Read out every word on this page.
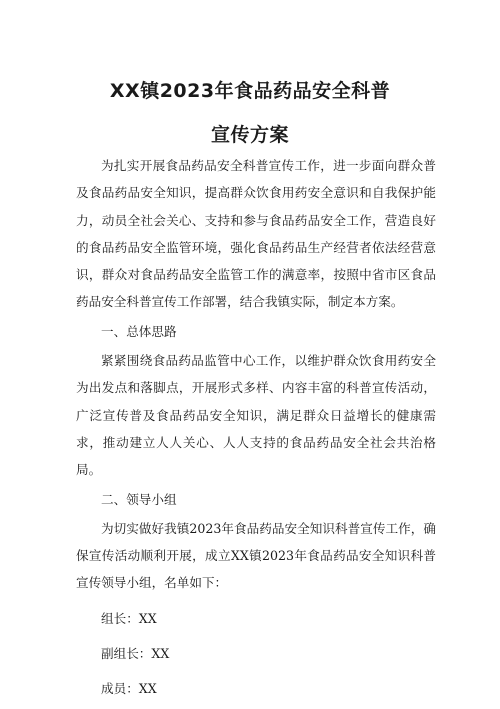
XX镇2023年食品药品安全科普
宣传方案

为扎实开展食品药品安全科普宣传工作，进一步面向群众普及食品药品安全知识，提高群众饮食用药安全意识和自我保护能力，动员全社会关心、支持和参与食品药品安全工作，营造良好的食品药品安全监管环境，强化食品药品生产经营者依法经营意识，群众对食品药品安全监管工作的满意率，按照中省市区食品药品安全科普宣传工作部署，结合我镇实际，制定本方案。

一、总体思路

紧紧围绕食品药品监管中心工作，以维护群众饮食用药安全为出发点和落脚点，开展形式多样、内容丰富的科普宣传活动，广泛宣传普及食品药品安全知识，满足群众日益增长的健康需求，推动建立人人关心、人人支持的食品药品安全社会共治格局。

二、领导小组

为切实做好我镇2023年食品药品安全知识科普宣传工作，确保宣传活动顺利开展，成立XX镇2023年食品药品安全知识科普宣传领导小组，名单如下：

组长：XX

副组长：XX

成员：XX
